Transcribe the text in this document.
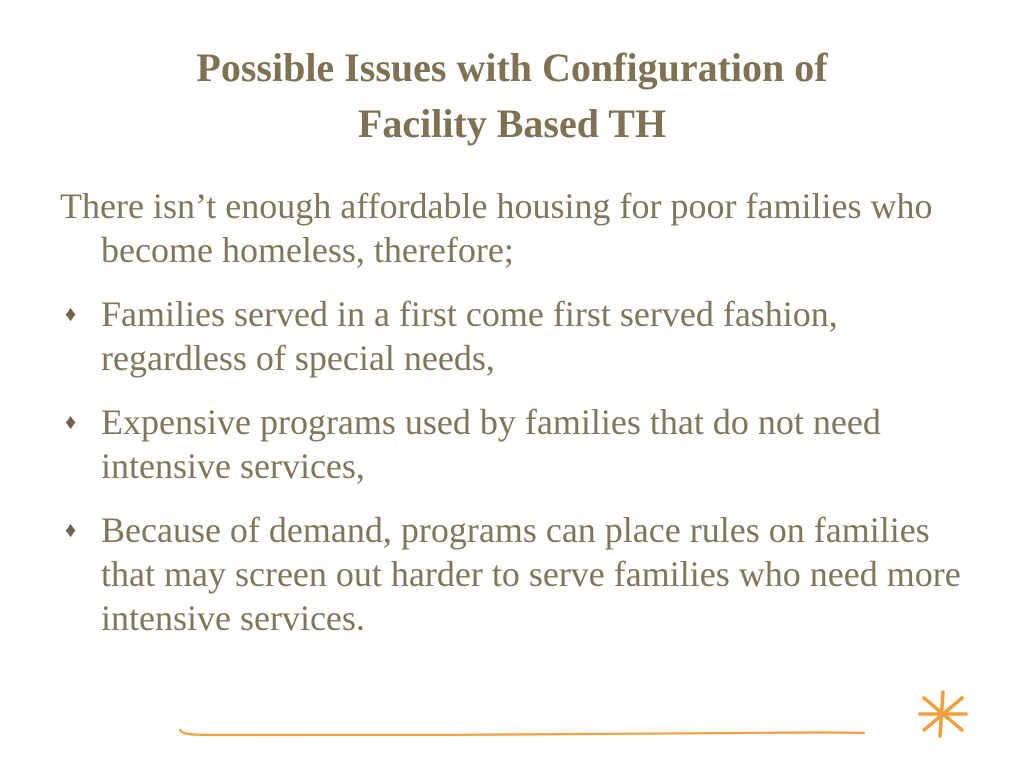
Possible Issues with Configuration of
Facility Based TH

There isn’t enough affordable housing for poor families who become homeless, therefore;

♦ Families served in a first come first served fashion, regardless of special needs,
♦ Expensive programs used by families that do not need intensive services,
♦ Because of demand, programs can place rules on families that may screen out harder to serve families who need more intensive services.
